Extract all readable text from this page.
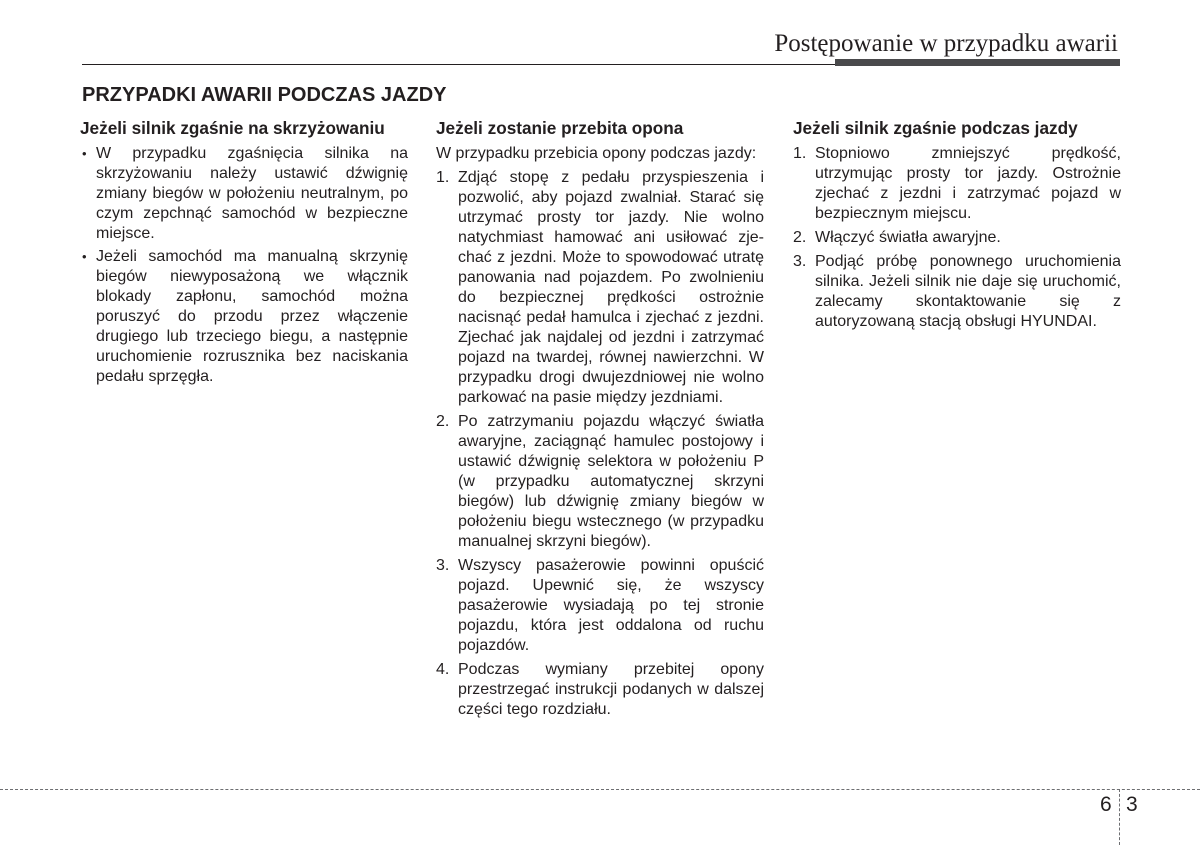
Postępowanie w przypadku awarii
PRZYPADKI AWARII PODCZAS JAZDY
Jeżeli silnik zgaśnie na skrzyżowaniu
• W przypadku zgaśnięcia silnika na skrzyżowaniu należy ustawić dźwignię zmiany biegów w położeniu neutralnym, po czym zepchnąć samochód w bezpieczne miejsce.
• Jeżeli samochód ma manualną skrzynię biegów niewyposażoną we włącznik blokady zapłonu, samochód można poruszyć do przodu przez włączenie drugiego lub trzeciego biegu, a następnie uruchomienie rozrusznika bez naciskania pedału sprzęgła.
Jeżeli zostanie przebita opona

W przypadku przebicia opony podczas jazdy:

1. Zdjąć stopę z pedału przyspieszenia i pozwolić, aby pojazd zwalniał. Starać się utrzymać prosty tor jazdy. Nie wolno natychmiast hamować ani usiłować zjechać z jezdni. Może to spowodować utratę panowania nad pojazdem. Po zwolnieniu do bezpiecznej prędkości ostrożnie nacisnąć pedał hamulca i zjechać z jezdni. Zjechać jak najdalej od jezdni i zatrzymać pojazd na twardej, równej nawierzchni. W przypadku drogi dwujezdniowej nie wolno parkować na pasie między jezdniami.
2. Po zatrzymaniu pojazdu włączyć światła awaryjne, zaciągnąć hamulec postojowy i ustawić dźwignię selektora w położeniu P (w przypadku automatycznej skrzyni biegów) lub dźwignię zmiany biegów w położeniu biegu wstecznego (w przypadku manualnej skrzyni biegów).
3. Wszyscy pasażerowie powinni opuścić pojazd. Upewnić się, że wszyscy pasażerowie wysiadają po tej stronie pojazdu, która jest oddalona od ruchu pojazdów.
4. Podczas wymiany przebitej opony przestrzegać instrukcji podanych w dalszej części tego rozdziału.
Jeżeli silnik zgaśnie podczas jazdy
1. Stopniowo zmniejszyć prędkość, utrzymując prosty tor jazdy. Ostrożnie zjechać z jezdni i zatrzymać pojazd w bezpiecznym miejscu.
2. Włączyć światła awaryjne.
3. Podjąć próbę ponownego uruchomienia silnika. Jeżeli silnik nie daje się uruchomić, zalecamy skontaktowanie się z autoryzowaną stacją obsługi HYUNDAI.
6 3
